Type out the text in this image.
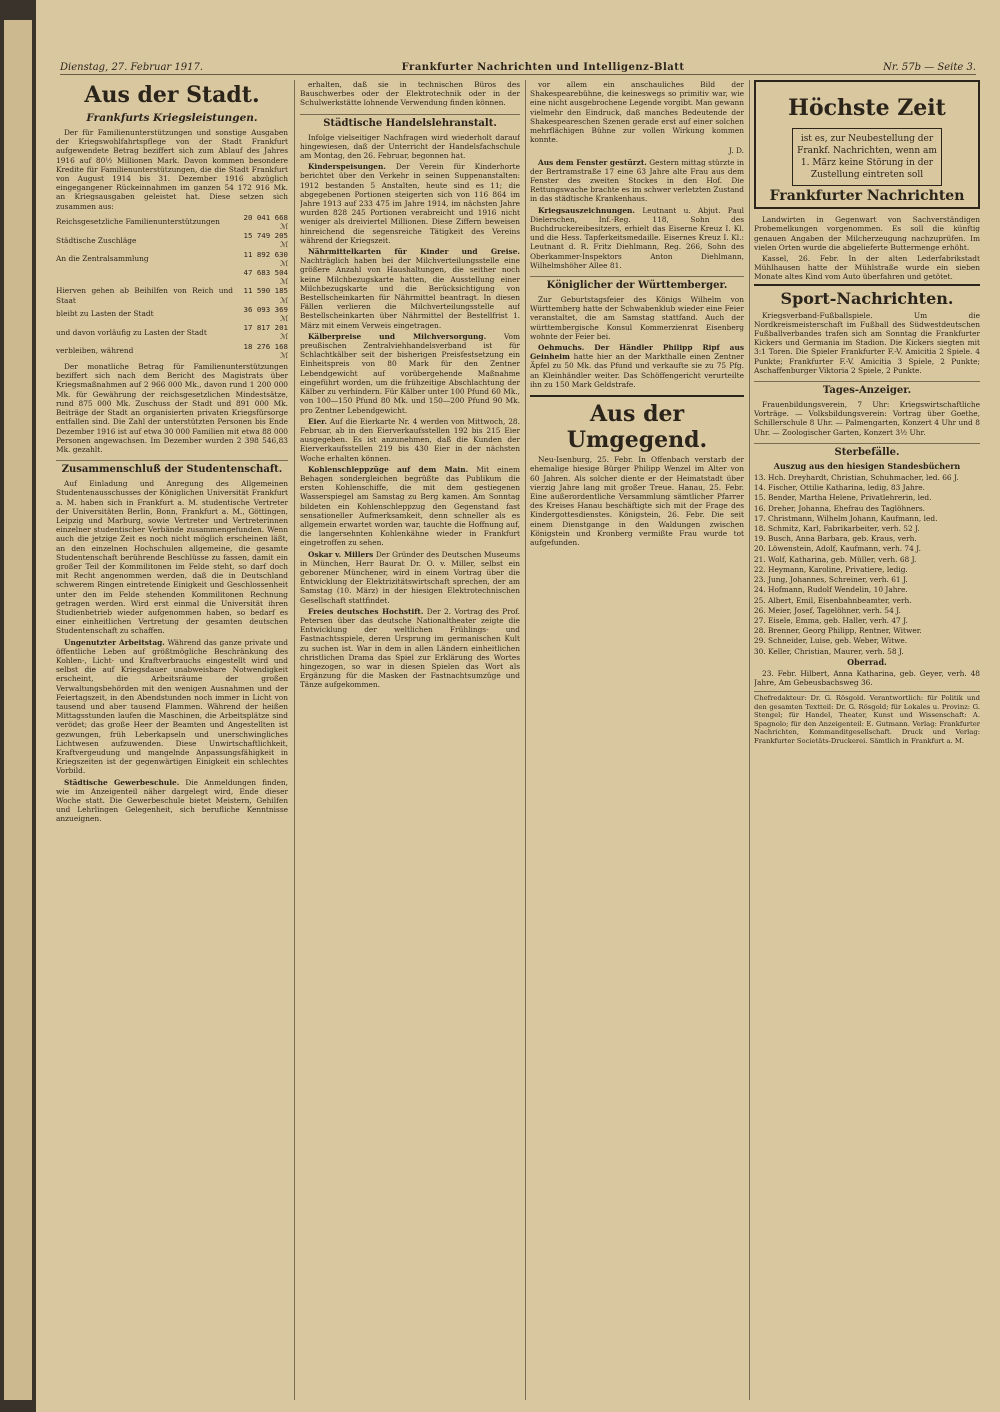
Dienstag, 27. Februar 1917.	Frankfurter Nachrichten und Intelligenz-Blatt	Nr. 57b — Seite 3.
Aus der Stadt.
Frankfurts Kriegsleistungen.

Der für Familienunterstützungen und sonstige Ausgaben der Kriegswohlfahrtspflege von der Stadt Frankfurt aufgewendete Betrag beziffert sich zum Ablauf des Jahres 1916 auf 80½ Millionen Mark. Davon kommen besondere Kredite für Familienunterstützungen, die die Stadt Frankfurt von August 1914 bis 31. Dezember 1916 abzüglich eingegangener Rückeinnahmen im ganzen 54 172 916 Mk. an Kriegsausgaben geleistet hat. Diese setzen sich zusammen aus:

Reichsgesetzliche Familienunterstützungen	20 041 668 ℳ
Städtische Zuschläge	15 749 205 ℳ
An die Zentralsammlung	11 892 630 ℳ
	47 683 504 ℳ
Hierven gehen ab Beihilfen von Reich und Staat	11 590 185 ℳ
bleibt zu Lasten der Stadt	36 093 369 ℳ
und davon vorläufig zu Lasten der Stadt	17 817 201 ℳ
verbleiben, während	18 276 168 ℳ

Der monatliche Betrag für Familienunterstützungen beziffert sich nach dem Bericht des Magistrats über Kriegsmaßnahmen auf 2 966 000 Mk., davon rund 1 200 000 Mk. für Gewährung der reichsgesetzlichen Mindestsätze, rund 875 000 Mk. Zuschuss der Stadt und 891 000 Mk. Beiträge der Stadt an organisierten privaten Kriegsfürsorge entfallen sind. Die Zahl der unterstützten Personen bis Ende Dezember 1916 ist auf etwa 30 000 Familien mit etwa 88 000 Personen angewachsen. Im Dezember wurden 2 398 546,83 Mk. gezahlt.

Zusammenschluß der Studentenschaft.

Auf Einladung und Anregung des Allgemeinen Studentenausschusses der Königlichen Universität Frankfurt a. M. haben sich in Frankfurt a. M. studentische Vertreter der Universitäten Berlin, Bonn, Frankfurt a. M., Göttingen, Leipzig und Marburg, sowie Vertreter und Vertreterinnen einzelner studentischer Verbände zusammengefunden. Wenn auch die jetzige Zeit es noch nicht möglich erscheinen läßt, an den einzelnen Hochschulen allgemeine, die gesamte Studentenschaft berührende Beschlüsse zu fassen, damit ein großer Teil der Kommilitonen im Felde steht, so darf doch mit Recht angenommen werden, daß die in Deutschland schwerem Ringen eintretende Einigkeit und Geschlossenheit unter den im Felde stehenden Kommilitonen Rechnung getragen werden. Wird erst einmal die Universität ihren Studienbetrieb wieder aufgenommen haben, so bedarf es einer einheitlichen Vertretung der gesamten deutschen Studentenschaft zu schaffen.

Ungenutzter Arbeitstag. Während das ganze private und öffentliche Leben auf größtmögliche Beschränkung des Kohlen-, Licht- und Kraftverbrauchs eingestellt wird und selbst die auf Kriegsdauer unabweisbare Notwendigkeit erscheint, die Arbeitsräume der großen Verwaltungsbehörden mit den wenigen Ausnahmen und der Feiertagszeit, in den Abendstunden noch immer in Licht von tausend und aber tausend Flammen. Während der heißen Mittagsstunden laufen die Maschinen, die Arbeitsplätze sind verödet; das große Heer der Beamten und Angestellten ist gezwungen, früh Leberkapseln und unerschwingliches Lichtwesen aufzuwenden. Diese Unwirtschaftlichkeit, Kraftvergeudung und mangelnde Anpassungsfähigkeit in Kriegszeiten ist der gegenwärtigen Einigkeit ein schlechtes Vorbild.

Städtische Gewerbeschule. Die Anmeldungen finden, wie im Anzeigenteil näher dargelegt wird, Ende dieser Woche statt. Die Gewerbeschule bietet Meistern, Gehilfen und Lehrlingen Gelegenheit, sich berufliche Kenntnisse anzueignen.

erhalten, daß sie in technischen Büros des Bauschwerbes oder der Elektrotechnik oder in der Schulwerkstätte lohnende Verwendung finden können.

Städtische Handelslehranstalt.

Infolge vielseitiger Nachfragen wird wiederholt darauf hingewiesen, daß der Unterricht der Handelsfachschule am Montag, den 26. Februar, begonnen hat.

Kinderspeisungen. Der Verein für Kinderhorte berichtet über den Verkehr in seinen Suppenanstalten: 1912 bestanden 5 Anstalten, heute sind es 11; die abgegebenen Portionen steigerten sich von 116 864 im Jahre 1913 auf 233 475 im Jahre 1914, im nächsten Jahre wurden 828 245 Portionen verabreicht und 1916 nicht weniger als dreiviertel Millionen. Diese Ziffern beweisen hinreichend die segensreiche Tätigkeit des Vereins während der Kriegszeit.

Nährmittelkarten für Kinder und Greise. Nachträglich haben bei der Milchverteilungsstelle eine größere Anzahl von Haushaltungen, die seither noch keine Milchbezugskarte hatten, die Ausstellung einer Milchbezugskarte und die Berücksichtigung von Bestellscheinkarten für Nährmittel beantragt. In diesen Fällen verlieren die Milchverteilungsstelle auf Bestellscheinkarten über Nährmittel der Bestellfrist 1. März mit einem Verweis eingetragen.

Kälberpreise und Milchversorgung. Vom preußischen Zentralviehhandelsverband ist für Schlachtkälber seit der bisherigen Preisfestsetzung ein Einheitspreis von 80 Mark für den Zentner Lebendgewicht auf vorübergehende Maßnahme eingeführt worden, um die frühzeitige Abschlachtung der Kälber zu verhindern. Für Kälber unter 100 Pfund 60 Mk., von 100—150 Pfund 80 Mk. und 150—200 Pfund 90 Mk. pro Zentner Lebendgewicht.

Eier. Auf die Eierkarte Nr. 4 werden von Mittwoch, 28. Februar, ab in den Eierverkaufsstellen 192 bis 215 Eier ausgegeben. Es ist anzunehmen, daß die Kunden der Eierverkaufsstellen 219 bis 430 Eier in der nächsten Woche erhalten können.

Kohlenschleppzüge auf dem Main. Mit einem Behagen sondergleichen begrüßte das Publikum die ersten Kohlenschiffe, die mit dem gestiegenen Wasserspiegel am Samstag zu Berg kamen. Am Sonntag bildeten ein Kohlenschleppzug den Gegenstand fast sensationeller Aufmerksamkeit, denn schneller als es allgemein erwartet worden war, tauchte die Hoffnung auf, die langersehnten Kohlenkähne wieder in Frankfurt eingetroffen zu sehen.

Oskar v. Millers Der Gründer des Deutschen Museums in München, Herr Baurat Dr. O. v. Miller, selbst ein geborener Münchener, wird in einem Vortrag über die Entwicklung der Elektrizitätswirtschaft sprechen, der am Samstag (10. März) in der hiesigen Elektrotechnischen Gesellschaft stattfindet.

Freies deutsches Hochstift. Der 2. Vortrag des Prof. Petersen über das deutsche Nationaltheater zeigte die Entwicklung der weltlichen Frühlings- und Fastnachtsspiele, deren Ursprung im germanischen Kult zu suchen ist. War in dem in allen Ländern einheitlichen christlichen Drama das Spiel zur Erklärung des Wortes hingezogen, so war in diesen Spielen das Wort als Ergänzung für die Masken der Fastnachtsumzüge und Tänze aufgekommen.

vor allem ein anschauliches Bild der Shakespearebühne, die keineswegs so primitiv war, wie eine nicht ausgebrochene Legende vorgibt. Man gewann vielmehr den Eindruck, daß manches Bedeutende der Shakespeareschen Szenen gerade erst auf einer solchen mehrflächigen Bühne zur vollen Wirkung kommen konnte.

J. D.

Aus dem Fenster gestürzt. Gestern mittag stürzte in der Bertramstraße 17 eine 63 Jahre alte Frau aus dem Fenster des zweiten Stockes in den Hof. Die Rettungswache brachte es im schwer verletzten Zustand in das städtische Krankenhaus.

Kriegsauszeichnungen. Leutnant u. Abjut. Paul Dielerschen, Inf.-Reg. 118, Sohn des Buchdruckereibesitzers, erhielt das Eiserne Kreuz I. Kl. und die Hess. Tapferkeitsmedaille. Eisernes Kreuz I. Kl.: Leutnant d. R. Fritz Diehlmann, Reg. 266, Sohn des Oberkammer-Inspektors Anton Diehlmann, Wilhelmshöher Allee 81.

Königlicher der Württemberger.

Zur Geburtstagsfeier des Königs Wilhelm von Württemberg hatte der Schwabenklub wieder eine Feier veranstaltet, die am Samstag stattfand. Auch der württembergische Konsul Kommerzienrat Eisenberg wohnte der Feier bei.

Oehmuchs. Der Händler Philipp Ripf aus Geinheim hatte hier an der Markthalle einen Zentner Äpfel zu 50 Mk. das Pfund und verkaufte sie zu 75 Pfg. an Kleinhändler weiter. Das Schöffengericht verurteilte ihn zu 150 Mark Geldstrafe.

Aus der Umgegend.

Neu-Isenburg, 25. Febr. In Offenbach verstarb der ehemalige hiesige Bürger Philipp Wenzel im Alter von 60 Jahren. Als solcher diente er der Heimatstadt über vierzig Jahre lang mit großer Treue. Hanau, 25. Febr. Eine außerordentliche Versammlung sämtlicher Pfarrer des Kreises Hanau beschäftigte sich mit der Frage des Kindergottesdienstes. Königstein, 26. Febr. Die seit einem Dienstgange in den Waldungen zwischen Königstein und Kronberg vermißte Frau wurde tot aufgefunden.

Höchste Zeit
ist es, zur Neubestellung der Frankf. Nachrichten, wenn am 1. März keine Störung in der Zustellung eintreten soll
Frankfurter Nachrichten

Landwirten in Gegenwart von Sachverständigen Probemelkungen vorgenommen. Es soll die künftig genauen Angaben der Milcherzeugung nachzuprüfen. Im vielen Orten wurde die abgelieferte Buttermenge erhöht.

Kassel, 26. Febr. In der alten Lederfabrikstadt Mühlhausen hatte der Mühlstraße wurde ein sieben Monate altes Kind vom Auto überfahren und getötet.

Sport-Nachrichten.

Kriegsverband-Fußballspiele. Um die Nordkreismeisterschaft im Fußball des Südwestdeutschen Fußballverbandes trafen sich am Sonntag die Frankfurter Kickers und Germania im Stadion. Die Kickers siegten mit 3:1 Toren. Die Spieler Frankfurter F.-V. Amicitia 2 Spiele. 4 Punkte; Frankfurter F.-V. Amicitia 3 Spiele, 2 Punkte; Aschaffenburger Viktoria 2 Spiele, 2 Punkte.

Tages-Anzeiger.

Frauenbildungsverein, 7 Uhr: Kriegswirtschaftliche Vorträge. — Volksbildungsverein: Vortrag über Goethe, Schillerschule 8 Uhr. — Palmengarten, Konzert 4 Uhr und 8 Uhr. — Zoologischer Garten, Konzert 3½ Uhr.

Sterbefälle.
Auszug aus den hiesigen Standesbüchern
13. Hch. Dreyhardt, Christian, Schuhmacher, led. 66 J.
14. Fischer, Ottilie Katharina, ledig, 83 Jahre.
15. Bender, Martha Helene, Privatlehrerin, led.
16. Dreher, Johanna, Ehefrau des Taglöhners.
17. Christmann, Wilhelm Johann, Kaufmann, led.
18. Schmitz, Karl, Fabrikarbeiter, verh. 52 J.
19. Busch, Anna Barbara, geb. Kraus, verh.
20. Löwenstein, Adolf, Kaufmann, verh. 74 J.
21. Wolf, Katharina, geb. Müller, verh. 68 J.
22. Heymann, Karoline, Privatiere, ledig.
23. Jung, Johannes, Schreiner, verh. 61 J.
24. Hofmann, Rudolf Wendelin, 10 Jahre.
25. Albert, Emil, Eisenbahnbeamter, verh.
26. Meier, Josef, Tagelöhner, verh. 54 J.
27. Eisele, Emma, geb. Haller, verh. 47 J.
28. Brenner, Georg Philipp, Rentner, Witwer.
29. Schneider, Luise, geb. Weber, Witwe.
30. Keller, Christian, Maurer, verh. 58 J.
Oberrad.

23. Febr. Hilbert, Anna Katharina, geb. Geyer, verh. 48 Jahre, Am Gebeusbachsweg 36.

Chefredakteur: Dr. G. Rösgold. Verantwortlich: für Politik und den gesamten Textteil: Dr. G. Rösgold; für Lokales u. Provinz: G. Stengel; für Handel, Theater, Kunst und Wissenschaft: A. Spagnolo; für den Anzeigenteil: E. Gutmann. Verlag: Frankfurter Nachrichten, Kommanditgesellschaft. Druck und Verlag: Frankfurter Societäts-Druckerei. Sämtlich in Frankfurt a. M.
